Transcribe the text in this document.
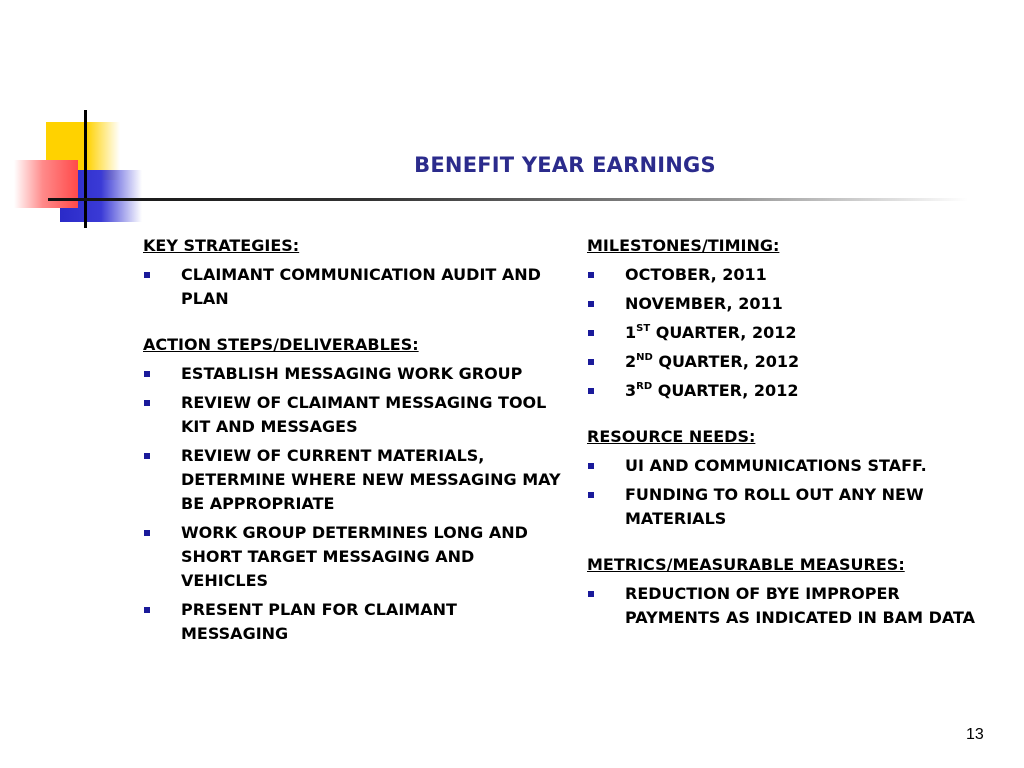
BENEFIT YEAR EARNINGS

KEY STRATEGIES:

CLAIMANT COMMUNICATION AUDIT AND PLAN

ACTION STEPS/DELIVERABLES:

ESTABLISH MESSAGING WORK GROUP
REVIEW OF CLAIMANT MESSAGING TOOL KIT AND MESSAGES
REVIEW OF CURRENT MATERIALS, DETERMINE WHERE NEW MESSAGING MAY BE APPROPRIATE
WORK GROUP DETERMINES LONG AND SHORT TARGET MESSAGING AND VEHICLES
PRESENT PLAN FOR CLAIMANT MESSAGING

MILESTONES/TIMING:

OCTOBER, 2011
NOVEMBER, 2011
1ST QUARTER, 2012
2ND QUARTER, 2012
3RD QUARTER, 2012

RESOURCE NEEDS:

UI AND COMMUNICATIONS STAFF.
FUNDING TO ROLL OUT ANY NEW MATERIALS

METRICS/MEASURABLE MEASURES:

REDUCTION OF BYE IMPROPER PAYMENTS AS INDICATED IN BAM DATA
13
